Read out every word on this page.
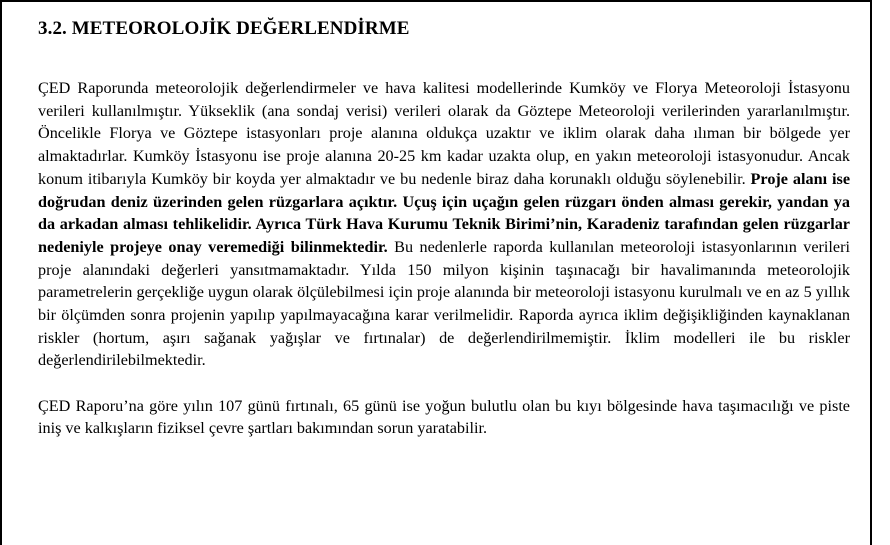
3.2. METEOROLOJİK DEĞERLENDİRME

ÇED Raporunda meteorolojik değerlendirmeler ve hava kalitesi modellerinde Kumköy ve Florya Meteoroloji İstasyonu verileri kullanılmıştır. Yükseklik (ana sondaj verisi) verileri olarak da Göztepe Meteoroloji verilerinden yararlanılmıştır. Öncelikle Florya ve Göztepe istasyonları proje alanına oldukça uzaktır ve iklim olarak daha ılıman bir bölgede yer almaktadırlar. Kumköy İstasyonu ise proje alanına 20-25 km kadar uzakta olup, en yakın meteoroloji istasyonudur. Ancak konum itibarıyla Kumköy bir koyda yer almaktadır ve bu nedenle biraz daha korunaklı olduğu söylenebilir. Proje alanı ise doğrudan deniz üzerinden gelen rüzgarlara açıktır. Uçuş için uçağın gelen rüzgarı önden alması gerekir, yandan ya da arkadan alması tehlikelidir. Ayrıca Türk Hava Kurumu Teknik Birimi’nin, Karadeniz tarafından gelen rüzgarlar nedeniyle projeye onay veremediği bilinmektedir. Bu nedenlerle raporda kullanılan meteoroloji istasyonlarının verileri proje alanındaki değerleri yansıtmamaktadır. Yılda 150 milyon kişinin taşınacağı bir havalimanında meteorolojik parametrelerin gerçekliğe uygun olarak ölçülebilmesi için proje alanında bir meteoroloji istasyonu kurulmalı ve en az 5 yıllık bir ölçümden sonra projenin yapılıp yapılmayacağına karar verilmelidir. Raporda ayrıca iklim değişikliğinden kaynaklanan riskler (hortum, aşırı sağanak yağışlar ve fırtınalar) de değerlendirilmemiştir. İklim modelleri ile bu riskler değerlendirilebilmektedir.

ÇED Raporu’na göre yılın 107 günü fırtınalı, 65 günü ise yoğun bulutlu olan bu kıyı bölgesinde hava taşımacılığı ve piste iniş ve kalkışların fiziksel çevre şartları bakımından sorun yaratabilir.
